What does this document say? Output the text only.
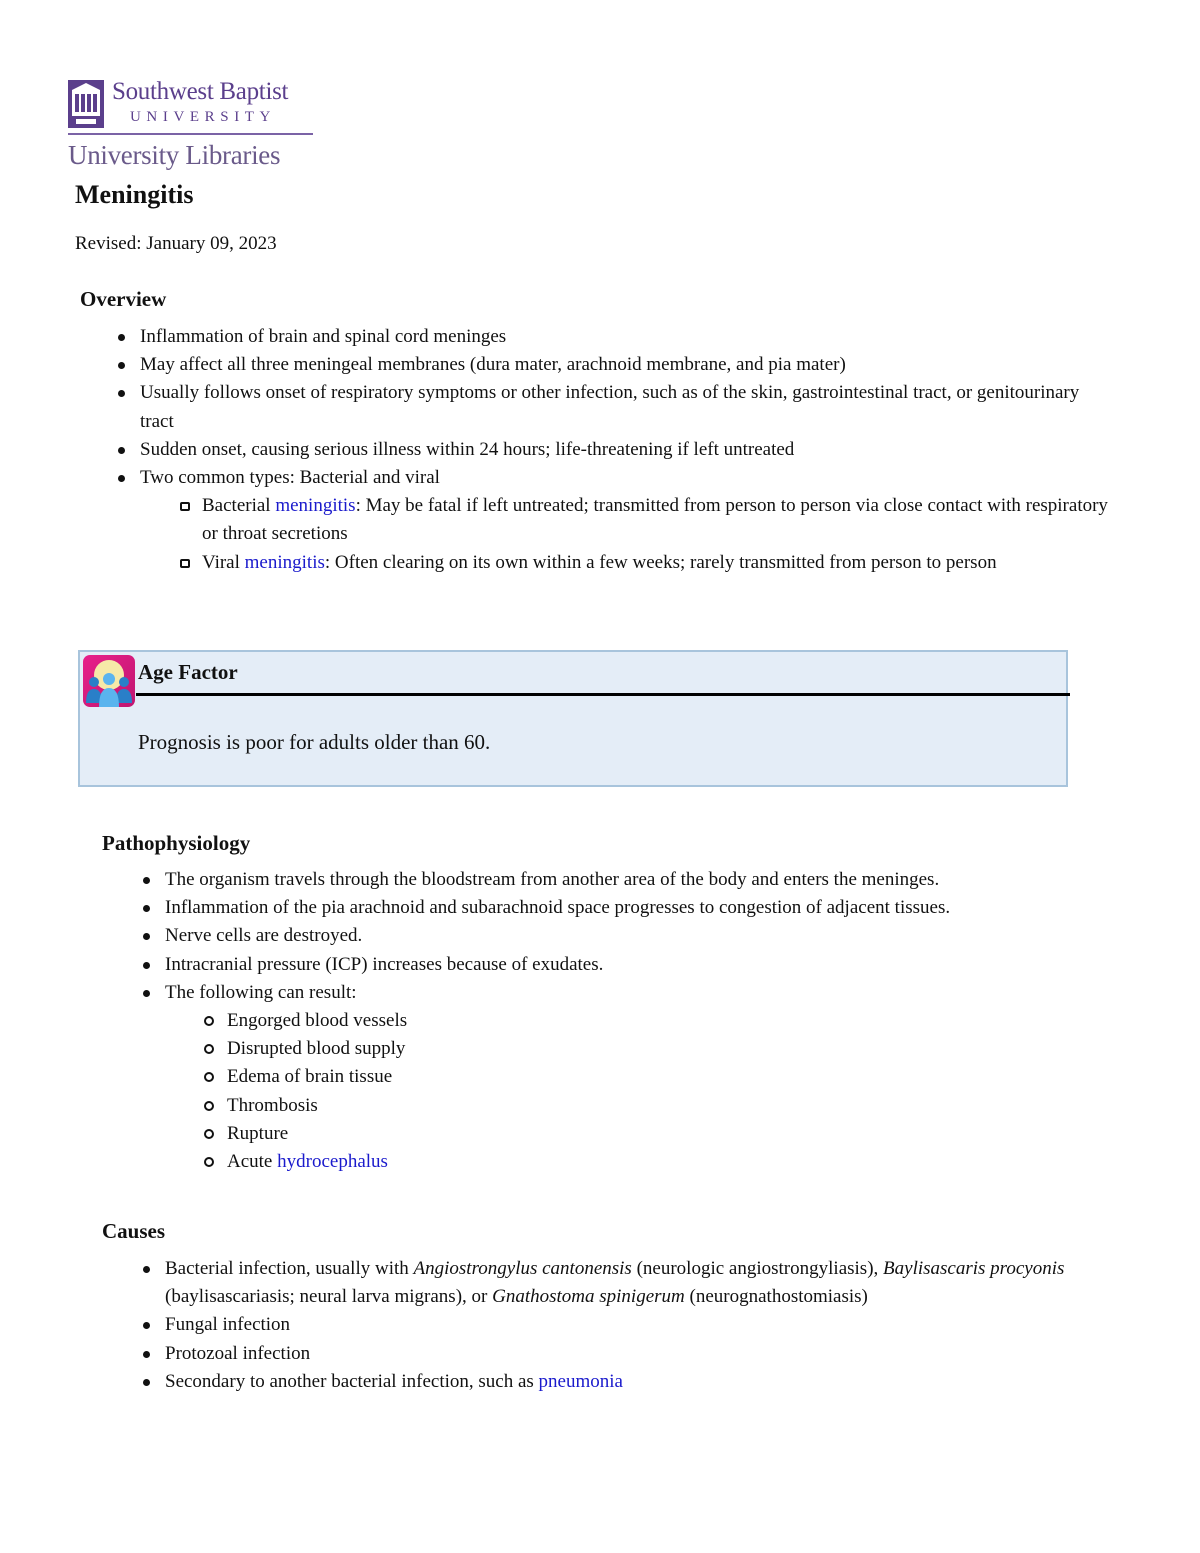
Southwest Baptist
UNIVERSITY
University Libraries
Meningitis

Revised: January 09, 2023

Overview
Inflammation of brain and spinal cord meninges
May affect all three meningeal membranes (dura mater, arachnoid membrane, and pia mater)
Usually follows onset of respiratory symptoms or other infection, such as of the skin, gastrointestinal tract, or genitourinary tract
Sudden onset, causing serious illness within 24 hours; life-threatening if left untreated
Two common types: Bacterial and viral
Bacterial meningitis: May be fatal if left untreated; transmitted from person to person via close contact with respiratory or throat secretions
Viral meningitis: Often clearing on its own within a few weeks; rarely transmitted from person to person
Age Factor
Prognosis is poor for adults older than 60.
Pathophysiology
The organism travels through the bloodstream from another area of the body and enters the meninges.
Inflammation of the pia arachnoid and subarachnoid space progresses to congestion of adjacent tissues.
Nerve cells are destroyed.
Intracranial pressure (ICP) increases because of exudates.
The following can result:
Engorged blood vessels
Disrupted blood supply
Edema of brain tissue
Thrombosis
Rupture
Acute hydrocephalus
Causes
Bacterial infection, usually with Angiostrongylus cantonensis (neurologic angiostrongyliasis), Baylisascaris procyonis (baylisascariasis; neural larva migrans), or Gnathostoma spinigerum (neurognathostomiasis)
Fungal infection
Protozoal infection
Secondary to another bacterial infection, such as pneumonia
